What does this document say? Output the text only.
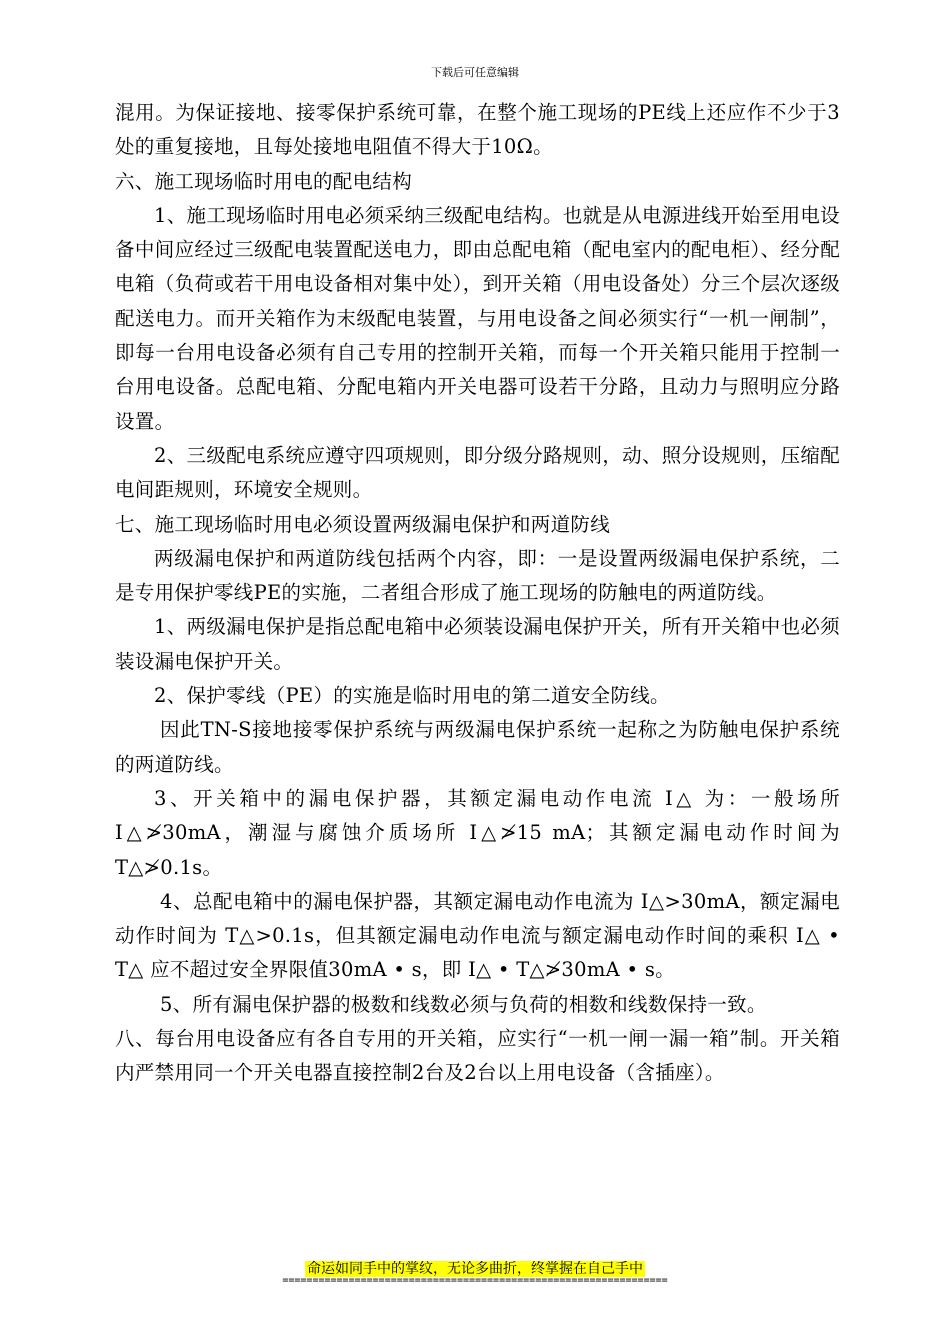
下载后可任意编辑

混用。为保证接地、接零保护系统可靠，在整个施工现场的PE线上还应作不少于3处的重复接地，且每处接地电阻值不得大于10Ω。

六、施工现场临时用电的配电结构

1、施工现场临时用电必须采纳三级配电结构。也就是从电源进线开始至用电设备中间应经过三级配电装置配送电力，即由总配电箱（配电室内的配电柜）、经分配电箱（负荷或若干用电设备相对集中处），到开关箱（用电设备处）分三个层次逐级配送电力。而开关箱作为末级配电装置，与用电设备之间必须实行“一机一闸制”，即每一台用电设备必须有自己专用的控制开关箱，而每一个开关箱只能用于控制一台用电设备。总配电箱、分配电箱内开关电器可设若干分路，且动力与照明应分路设置。

2、三级配电系统应遵守四项规则，即分级分路规则，动、照分设规则，压缩配电间距规则，环境安全规则。

七、施工现场临时用电必须设置两级漏电保护和两道防线

两级漏电保护和两道防线包括两个内容，即：一是设置两级漏电保护系统，二是专用保护零线PE的实施，二者组合形成了施工现场的防触电的两道防线。

1、两级漏电保护是指总配电箱中必须装设漏电保护开关，所有开关箱中也必须装设漏电保护开关。

2、保护零线（PE）的实施是临时用电的第二道安全防线。

因此TN-S接地接零保护系统与两级漏电保护系统一起称之为防触电保护系统的两道防线。

3、开关箱中的漏电保护器，其额定漏电动作电流 I△ 为：一般场所 I△≯30mA，潮湿与腐蚀介质场所 I△≯15 mA；其额定漏电动作时间为 T△≯0.1s。

4、总配电箱中的漏电保护器，其额定漏电动作电流为 I△>30mA，额定漏电动作时间为 T△>0.1s，但其额定漏电动作电流与额定漏电动作时间的乘积 I△ • T△ 应不超过安全界限值30mA • s，即 I△ • T△≯30mA • s。

5、所有漏电保护器的极数和线数必须与负荷的相数和线数保持一致。

八、每台用电设备应有各自专用的开关箱，应实行“一机一闸一漏一箱”制。开关箱内严禁用同一个开关电器直接控制2台及2台以上用电设备（含插座）。

命运如同手中的掌纹，无论多曲折，终掌握在自己手中
================================================================
